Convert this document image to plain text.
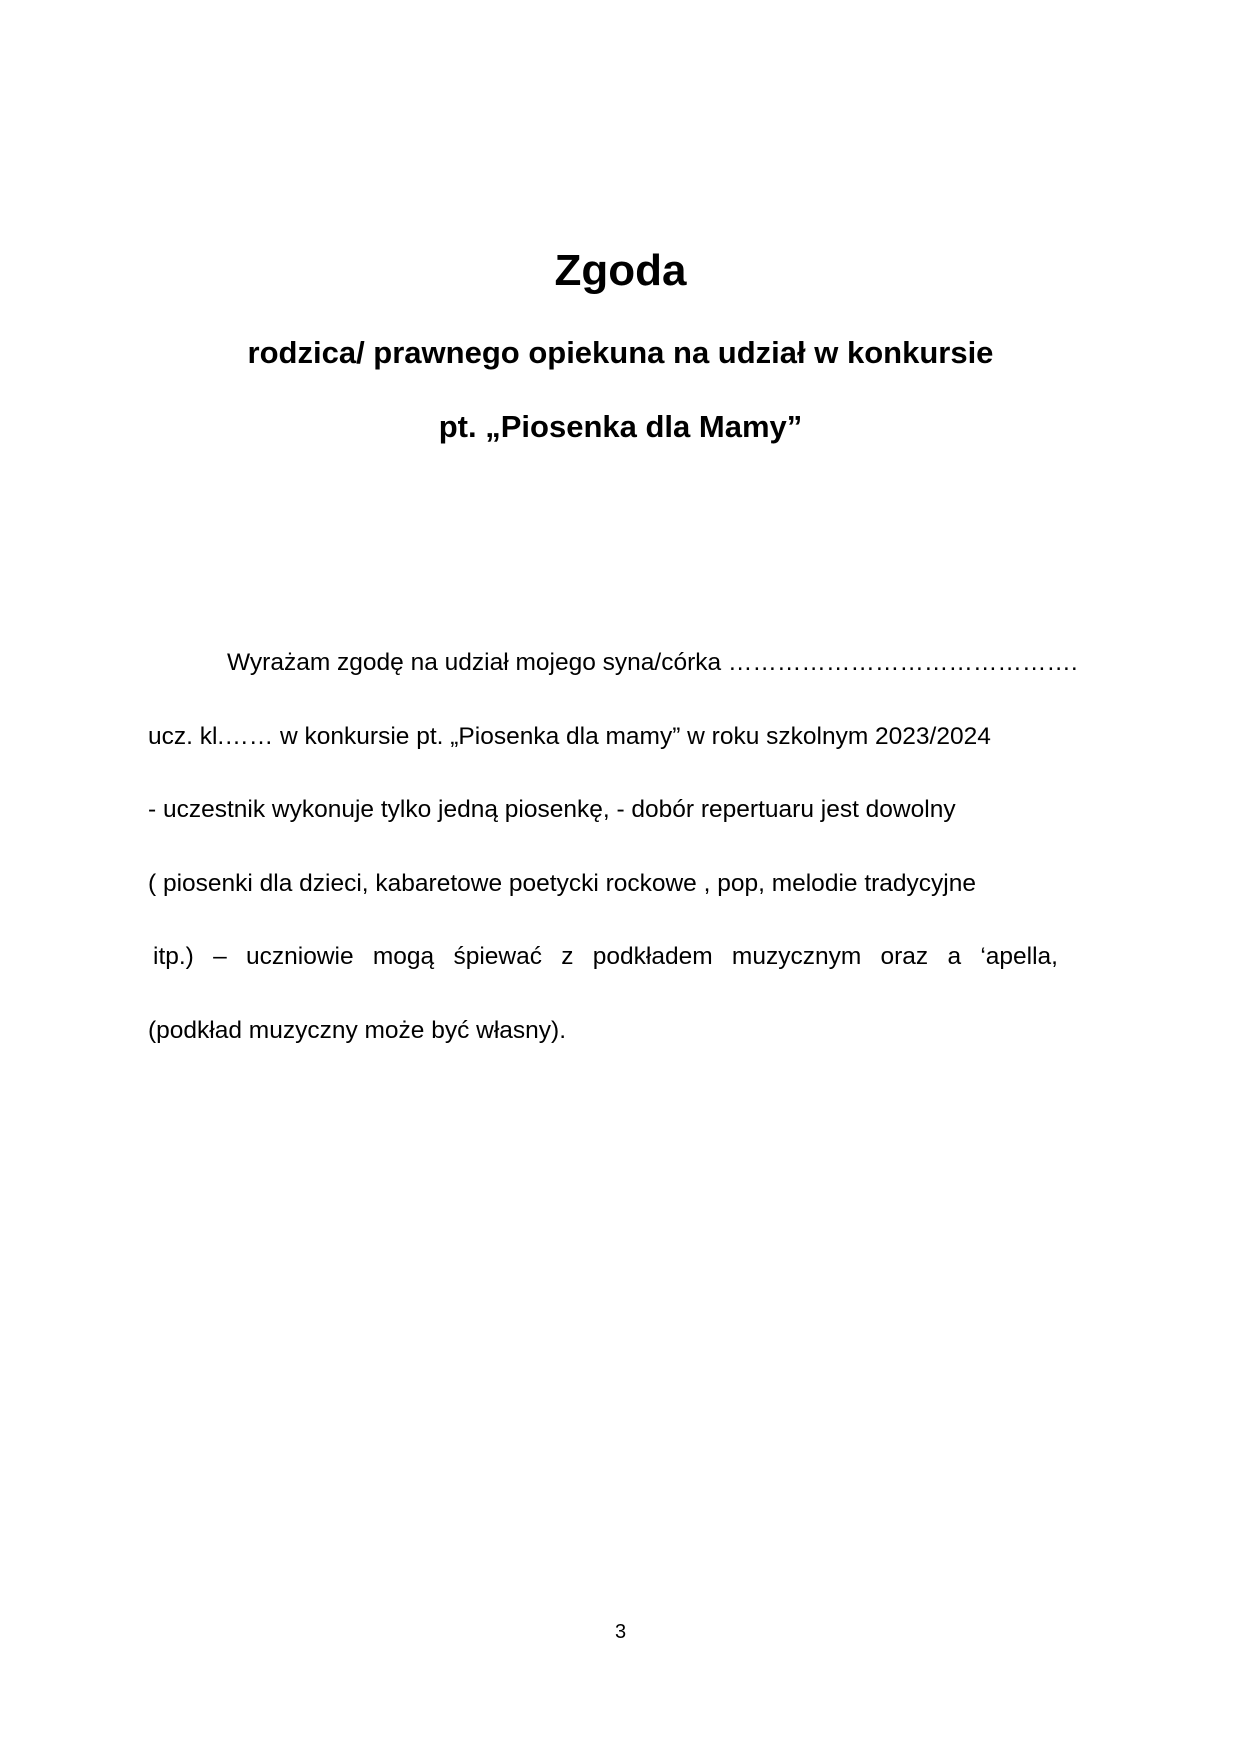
Zgoda
rodzica/ prawnego opiekuna na udział w konkursie
pt. „Piosenka dla Mamy”

Wyrażam zgodę na udział mojego syna/córka …………………………………….

ucz. kl.…… w konkursie pt. „Piosenka dla mamy” w roku szkolnym 2023/2024

- uczestnik wykonuje tylko jedną piosenkę, - dobór repertuaru jest dowolny

( piosenki dla dzieci, kabaretowe poetycki rockowe , pop, melodie tradycyjne

itp.) – uczniowie mogą śpiewać z podkładem muzycznym oraz a ‘apella,

(podkład muzyczny może być własny).

3
